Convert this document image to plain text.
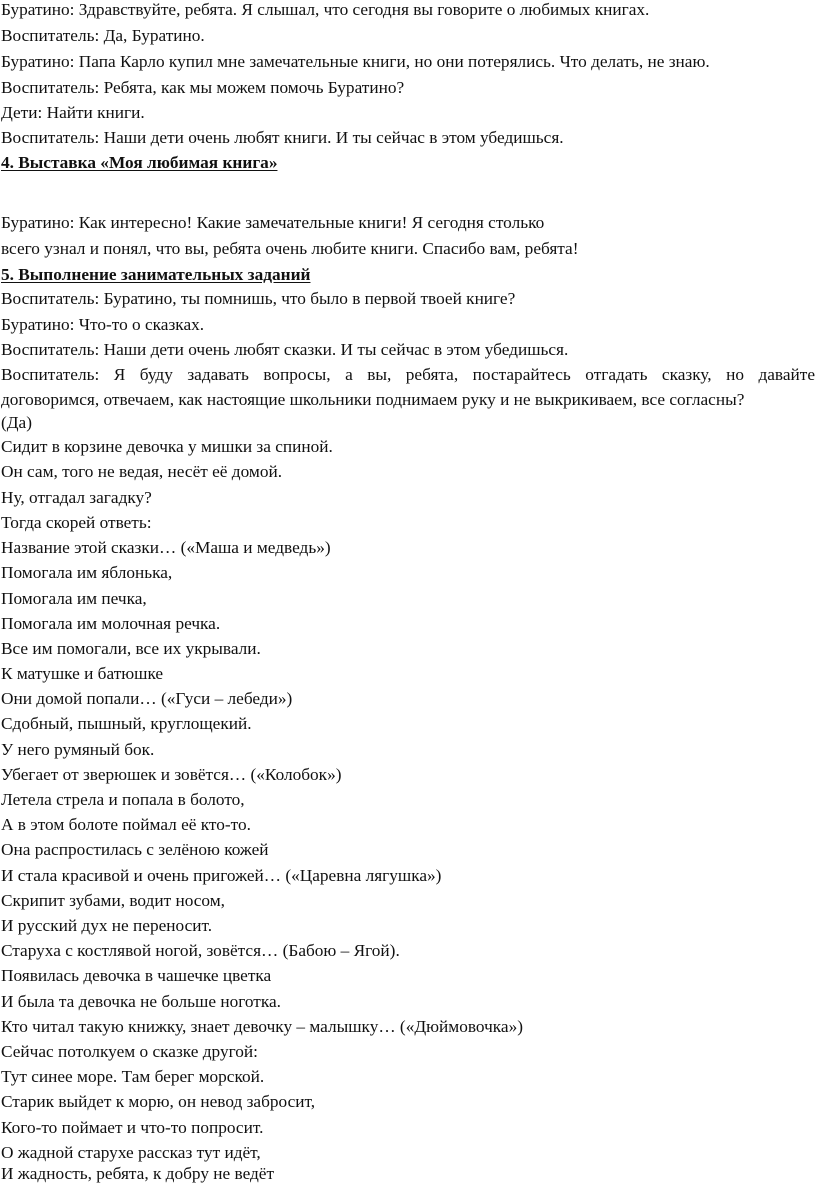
Буратино: Здравствуйте, ребята. Я слышал, что сегодня вы говорите о любимых книгах.
Воспитатель: Да, Буратино.
Буратино: Папа Карло купил мне замечательные книги, но они потерялись. Что делать, не знаю.
Воспитатель: Ребята, как мы можем помочь Буратино?
Дети: Найти книги.
Воспитатель: Наши дети очень любят книги. И ты сейчас в этом убедишься.
4. Выставка «Моя любимая книга»
Буратино: Как интересно! Какие замечательные книги! Я сегодня столько
всего узнал и понял, что вы, ребята очень любите книги. Спасибо вам, ребята!
5. Выполнение занимательных заданий
Воспитатель: Буратино, ты помнишь, что было в первой твоей книге?
Буратино: Что-то о сказках.
Воспитатель: Наши дети очень любят сказки. И ты сейчас в этом убедишься.
Воспитатель: Я буду задавать вопросы, а вы, ребята, постарайтесь отгадать сказку, но давайте
договоримся, отвечаем, как настоящие школьники поднимаем руку и не выкрикиваем, все согласны?
(Да)
Сидит в корзине девочка у мишки за спиной.
Он сам, того не ведая, несёт её домой.
Ну, отгадал загадку?
Тогда скорей ответь:
Название этой сказки… («Маша и медведь»)
Помогала им яблонька,
Помогала им печка,
Помогала им молочная речка.
Все им помогали, все их укрывали.
К матушке и батюшке
Они домой попали… («Гуси – лебеди»)
Сдобный, пышный, круглощекий.
У него румяный бок.
Убегает от зверюшек и зовётся… («Колобок»)
Летела стрела и попала в болото,
А в этом болоте поймал её кто-то.
Она распростилась с зелёною кожей
И стала красивой и очень пригожей… («Царевна лягушка»)
Скрипит зубами, водит носом,
И русский дух не переносит.
Старуха с костлявой ногой, зовётся… (Бабою – Ягой).
Появилась девочка в чашечке цветка
И была та девочка не больше ноготка.
Кто читал такую книжку, знает девочку – малышку… («Дюймовочка»)
Сейчас потолкуем о сказке другой:
Тут синее море. Там берег морской.
Старик выйдет к морю, он невод забросит,
Кого-то поймает и что-то попросит.
О жадной старухе рассказ тут идёт,
И жадность, ребята, к добру не ведёт
